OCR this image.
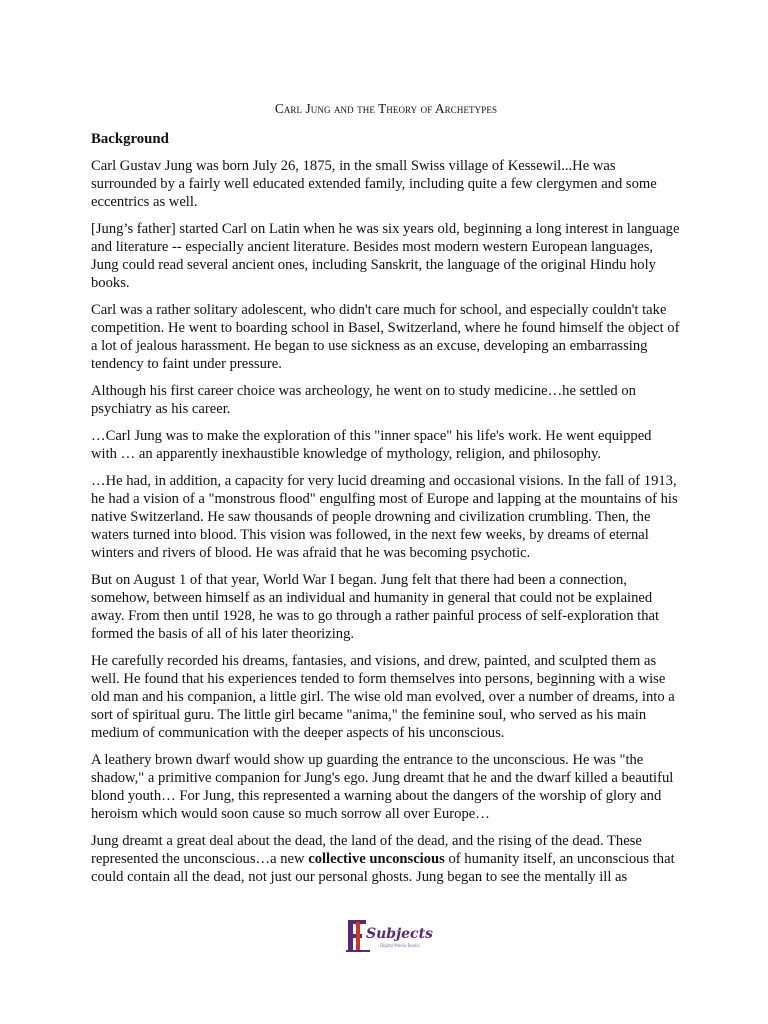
Carl Jung and the Theory of Archetypes
Background

Carl Gustav Jung was born July 26, 1875, in the small Swiss village of Kessewil...He was surrounded by a fairly well educated extended family, including quite a few clergymen and some eccentrics as well.

[Jung’s father] started Carl on Latin when he was six years old, beginning a long interest in language and literature -- especially ancient literature. Besides most modern western European languages, Jung could read several ancient ones, including Sanskrit, the language of the original Hindu holy books.

Carl was a rather solitary adolescent, who didn't care much for school, and especially couldn't take competition. He went to boarding school in Basel, Switzerland, where he found himself the object of a lot of jealous harassment. He began to use sickness as an excuse, developing an embarrassing tendency to faint under pressure.

Although his first career choice was archeology, he went on to study medicine…he settled on psychiatry as his career.

…Carl Jung was to make the exploration of this "inner space" his life's work. He went equipped with … an apparently inexhaustible knowledge of mythology, religion, and philosophy.

…He had, in addition, a capacity for very lucid dreaming and occasional visions. In the fall of 1913, he had a vision of a "monstrous flood" engulfing most of Europe and lapping at the mountains of his native Switzerland. He saw thousands of people drowning and civilization crumbling. Then, the waters turned into blood. This vision was followed, in the next few weeks, by dreams of eternal winters and rivers of blood. He was afraid that he was becoming psychotic.

But on August 1 of that year, World War I began. Jung felt that there had been a connection, somehow, between himself as an individual and humanity in general that could not be explained away. From then until 1928, he was to go through a rather painful process of self-exploration that formed the basis of all of his later theorizing.

He carefully recorded his dreams, fantasies, and visions, and drew, painted, and sculpted them as well. He found that his experiences tended to form themselves into persons, beginning with a wise old man and his companion, a little girl. The wise old man evolved, over a number of dreams, into a sort of spiritual guru. The little girl became "anima," the feminine soul, who served as his main medium of communication with the deeper aspects of his unconscious.

A leathery brown dwarf would show up guarding the entrance to the unconscious. He was "the shadow," a primitive companion for Jung's ego. Jung dreamt that he and the dwarf killed a beautiful blond youth… For Jung, this represented a warning about the dangers of the worship of glory and heroism which would soon cause so much sorrow all over Europe…

Jung dreamt a great deal about the dead, the land of the dead, and the rising of the dead. These represented the unconscious…a new collective unconscious of humanity itself, an unconscious that could contain all the dead, not just our personal ghosts. Jung began to see the mentally ill as

Subjects
Digital Media Books
